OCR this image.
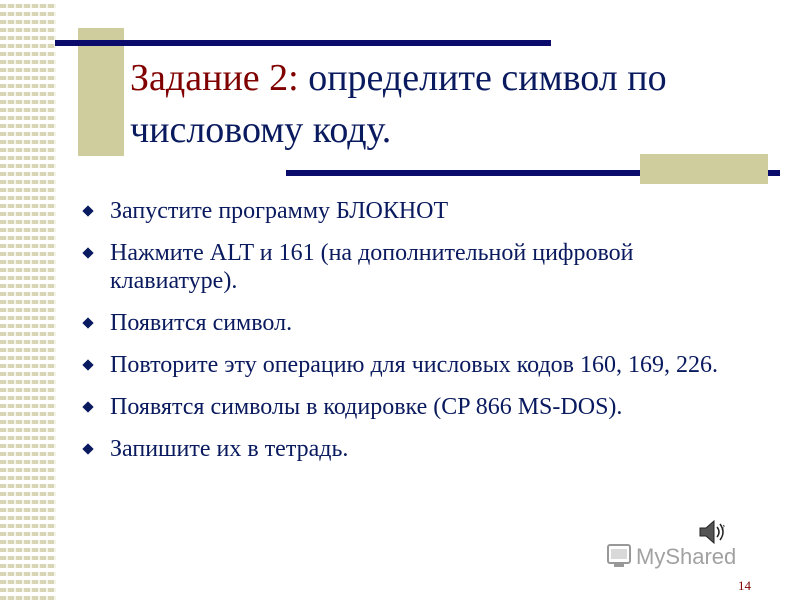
Задание 2: определите символ по числовому коду.
Запустите программу БЛОКНОТ
Нажмите ALT и 161 (на дополнительной цифровой клавиатуре).
Появится символ.
Повторите эту операцию для числовых кодов 160, 169, 226.
Появятся символы в кодировке (CP 866 MS-DOS).
Запишите их в тетрадь.
♪
MyShared
14
